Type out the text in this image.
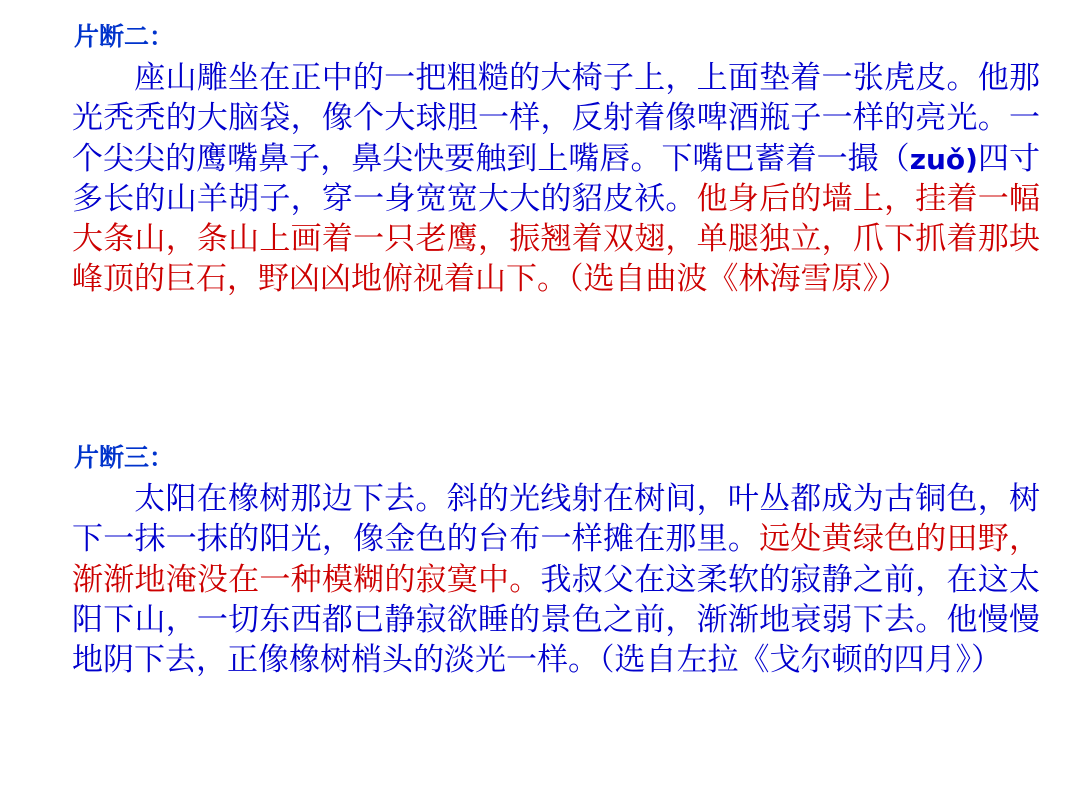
片断二：
座山雕坐在正中的一把粗糙的大椅子上，上面垫着一张虎皮。他那光秃秃的大脑袋，像个大球胆一样，反射着像啤酒瓶子一样的亮光。一个尖尖的鹰嘴鼻子，鼻尖快要触到上嘴唇。下嘴巴蓄着一撮（zuǒ)四寸多长的山羊胡子，穿一身宽宽大大的貂皮袄。他身后的墙上，挂着一幅大条山，条山上画着一只老鹰，振翘着双翅，单腿独立，爪下抓着那块峰顶的巨石，野凶凶地俯视着山下。（选自曲波《林海雪原》）
片断三：
太阳在橡树那边下去。斜的光线射在树间，叶丛都成为古铜色，树下一抹一抹的阳光，像金色的台布一样摊在那里。远处黄绿色的田野，渐渐地淹没在一种模糊的寂寞中。我叔父在这柔软的寂静之前，在这太阳下山，一切东西都已静寂欲睡的景色之前，渐渐地衰弱下去。他慢慢地阴下去，正像橡树梢头的淡光一样。（选自左拉《戈尔顿的四月》）
